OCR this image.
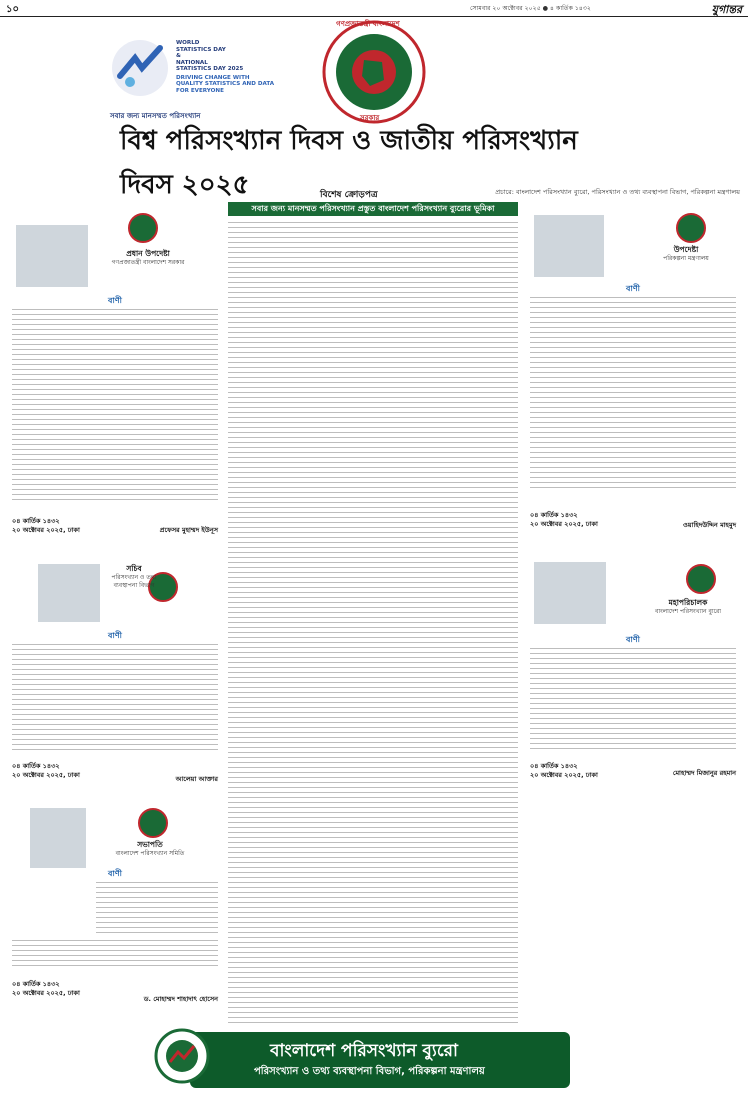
১০	সোমবার ২০ অক্টোবর ২০২৫ ● ৪ কার্তিক ১৪৩২	যুগান্তর
WORLD
STATISTICS DAY
&
NATIONAL
STATISTICS DAY 2025
DRIVING CHANGE WITH QUALITY STATISTICS AND DATA FOR EVERYONE
সবার জন্য মানসম্মত পরিসংখ্যান
গণপ্রজাতন্ত্রী বাংলাদেশ
সরকার
বিশ্ব পরিসংখ্যান দিবস ও জাতীয় পরিসংখ্যান দিবস ২০২৫	বিশেষ ক্রোড়পত্র	প্রচারে: বাংলাদেশ পরিসংখ্যান ব্যুরো, পরিসংখ্যান ও তথ্য ব্যবস্থাপনা বিভাগ, পরিকল্পনা মন্ত্রণালয়
সবার জন্য মানসম্মত পরিসংখ্যান প্রস্তুত বাংলাদেশ পরিসংখ্যান ব্যুরোর ভূমিকা
প্রধান উপদেষ্টা
গণপ্রজাতন্ত্রী বাংলাদেশ সরকার
বাণী
০৪ কার্তিক ১৪৩২
২০ অক্টোবর ২০২৫, ঢাকা	প্রফেসর মুহাম্মদ ইউনূস
উপদেষ্টা
পরিকল্পনা মন্ত্রণালয়
বাণী
০৪ কার্তিক ১৪৩২
২০ অক্টোবর ২০২৫, ঢাকা	ওয়াহিদউদ্দিন মাহমুদ
সচিব
পরিসংখ্যান ও তথ্য ব্যবস্থাপনা বিভাগ
বাণী
০৪ কার্তিক ১৪৩২
২০ অক্টোবর ২০২৫, ঢাকা	আলেয়া আক্তার
মহাপরিচালক
বাংলাদেশ পরিসংখ্যান ব্যুরো
বাণী
০৪ কার্তিক ১৪৩২
২০ অক্টোবর ২০২৫, ঢাকা	মোহাম্মদ মিজানুর রহমান
সভাপতি
বাংলাদেশ পরিসংখ্যান সমিতি
বাণী
০৪ কার্তিক ১৪৩২
২০ অক্টোবর ২০২৫, ঢাকা
ড. মোহাম্মদ শাহাদাৎ হোসেন
বাংলাদেশ পরিসংখ্যান ব্যুরো
পরিসংখ্যান ও তথ্য ব্যবস্থাপনা বিভাগ, পরিকল্পনা মন্ত্রণালয়
